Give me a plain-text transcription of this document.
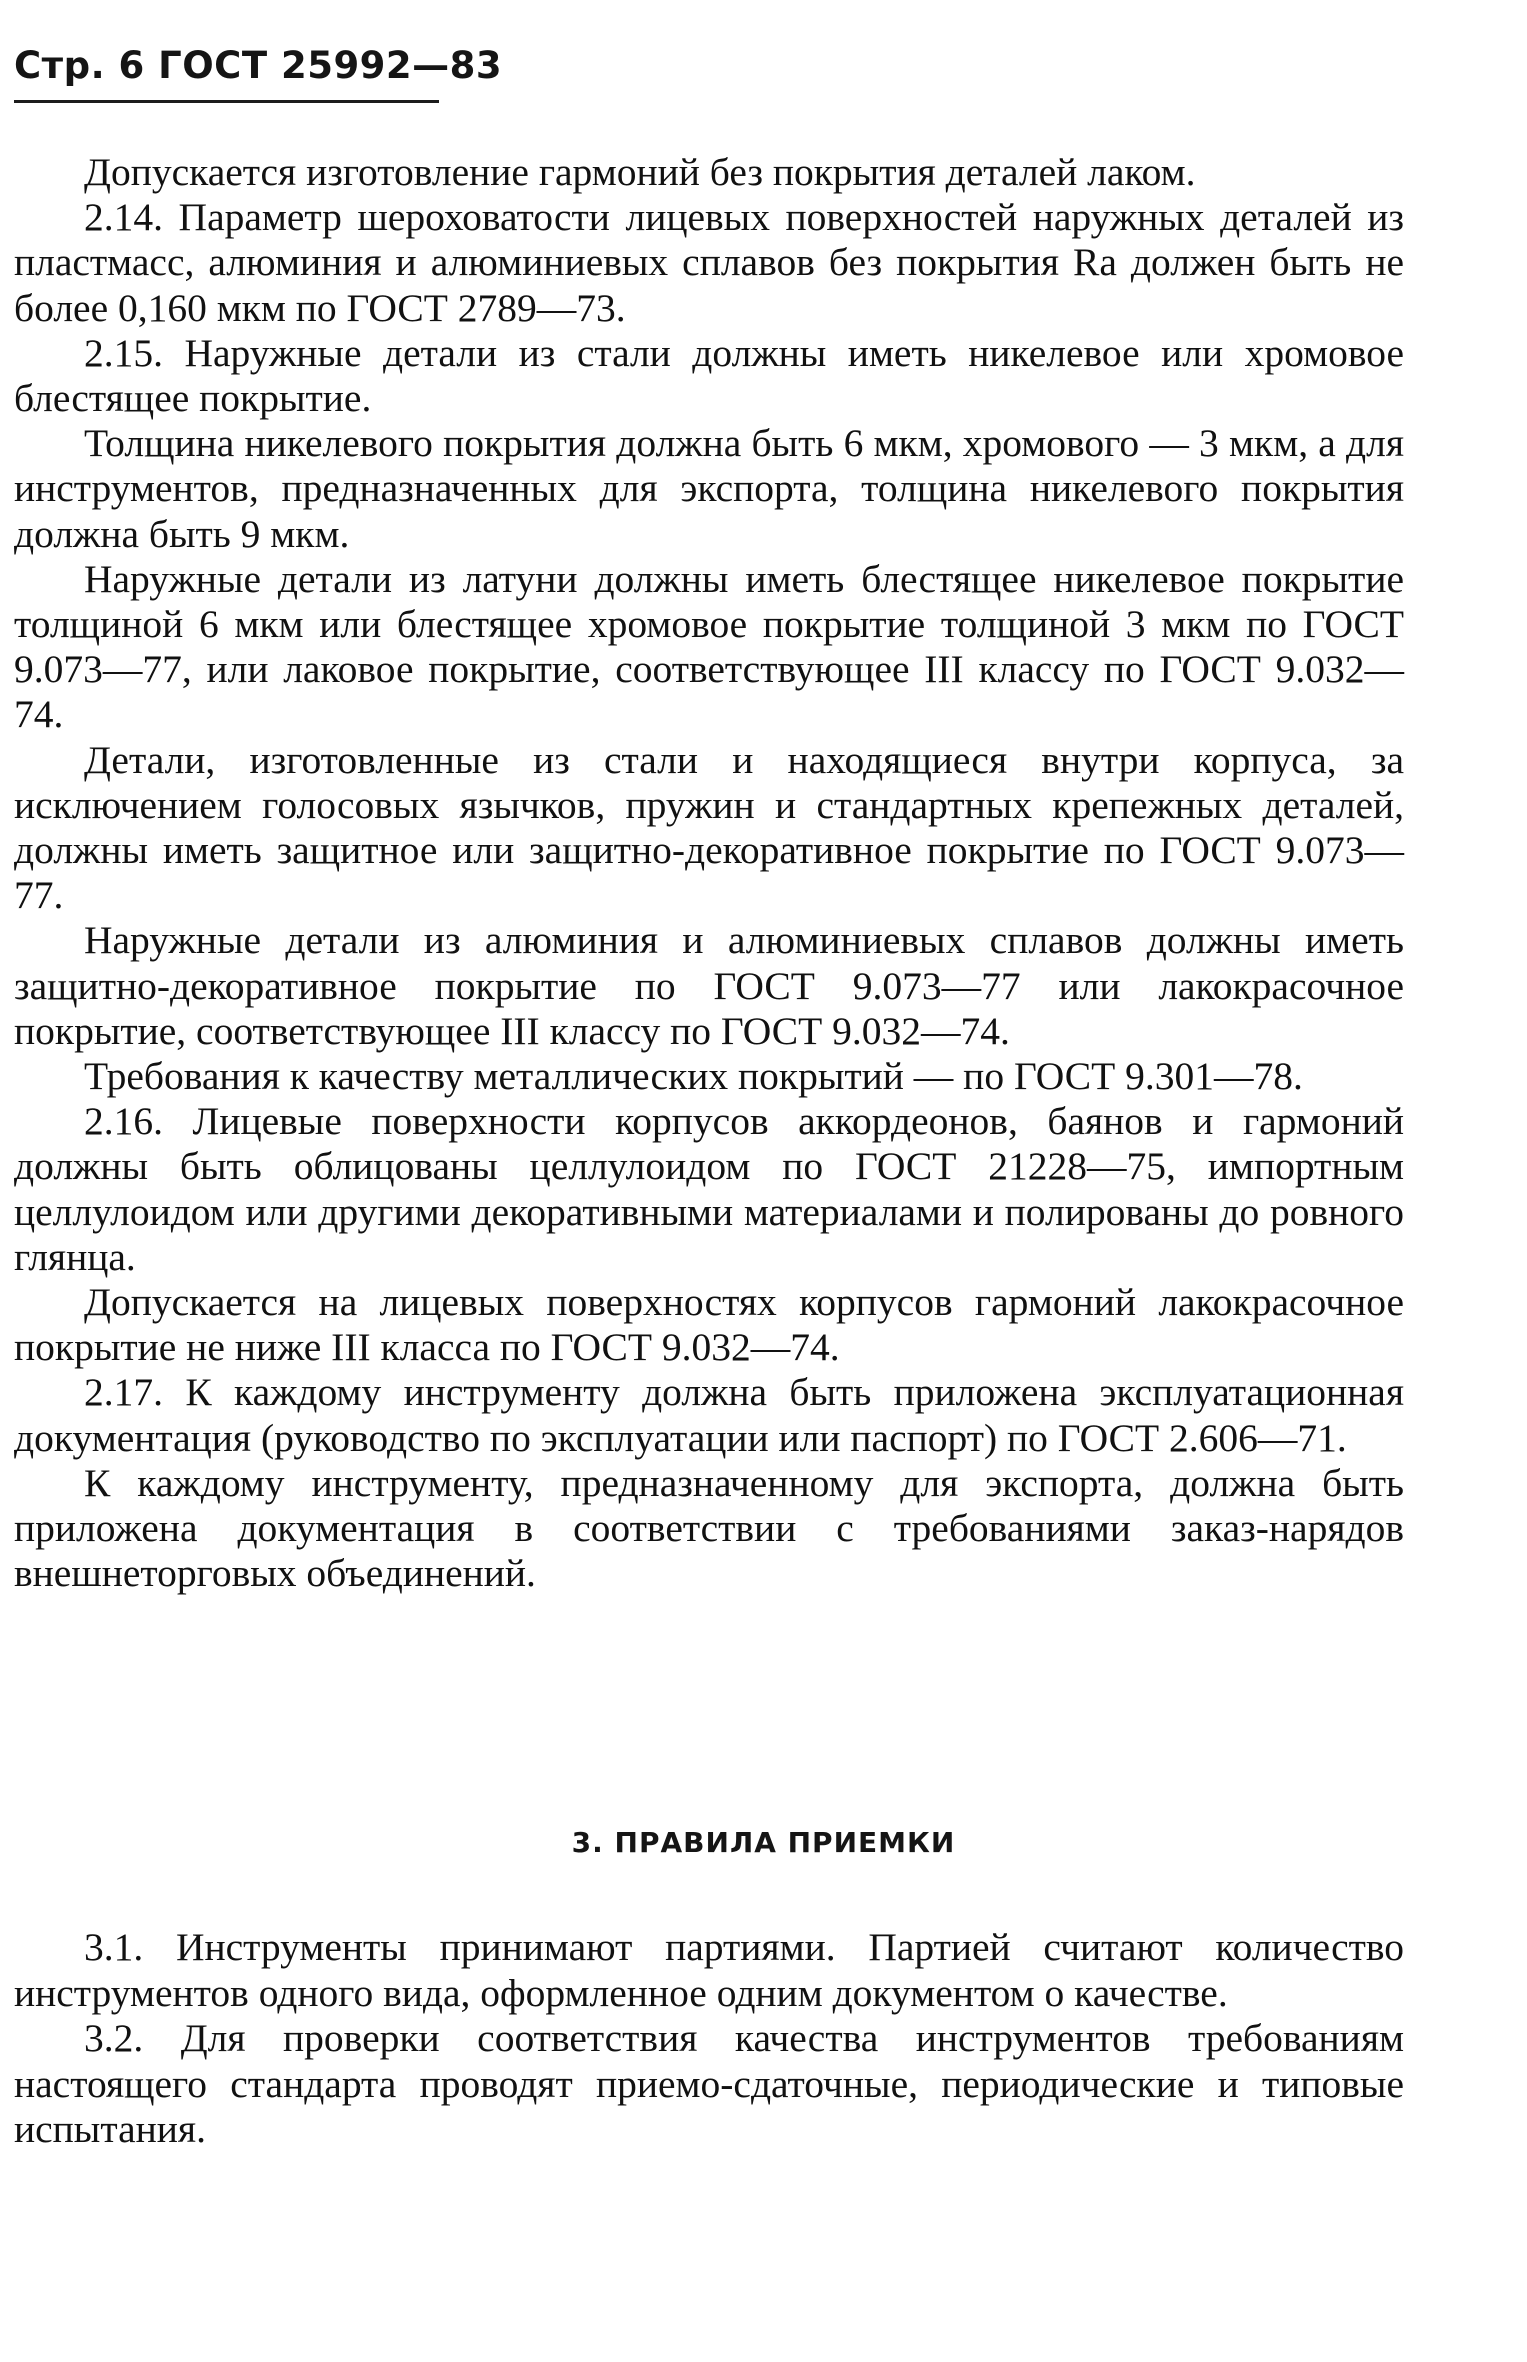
Стр. 6 ГОСТ 25992—83

Допускается изготовление гармоний без покрытия деталей лаком.

2.14. Параметр шероховатости лицевых поверхностей наружных деталей из пластмасс, алюминия и алюминиевых сплавов без покрытия Ra должен быть не более 0,160 мкм по ГОСТ 2789—73.

2.15. Наружные детали из стали должны иметь никелевое или хромовое блестящее покрытие.

Толщина никелевого покрытия должна быть 6 мкм, хромового — 3 мкм, а для инструментов, предназначенных для экспорта, толщина никелевого покрытия должна быть 9 мкм.

Наружные детали из латуни должны иметь блестящее никелевое покрытие толщиной 6 мкм или блестящее хромовое покрытие толщиной 3 мкм по ГОСТ 9.073—77, или лаковое покрытие, соответствующее III классу по ГОСТ 9.032—74.

Детали, изготовленные из стали и находящиеся внутри корпуса, за исключением голосовых язычков, пружин и стандартных крепежных деталей, должны иметь защитное или защитно-декоративное покрытие по ГОСТ 9.073—77.

Наружные детали из алюминия и алюминиевых сплавов должны иметь защитно-декоративное покрытие по ГОСТ 9.073—77 или лакокрасочное покрытие, соответствующее III классу по ГОСТ 9.032—74.

Требования к качеству металлических покрытий — по ГОСТ 9.301—78.

2.16. Лицевые поверхности корпусов аккордеонов, баянов и гармоний должны быть облицованы целлулоидом по ГОСТ 21228—75, импортным целлулоидом или другими декоративными материалами и полированы до ровного глянца.

Допускается на лицевых поверхностях корпусов гармоний лакокрасочное покрытие не ниже III класса по ГОСТ 9.032—74.

2.17. К каждому инструменту должна быть приложена эксплуатационная документация (руководство по эксплуатации или паспорт) по ГОСТ 2.606—71.

К каждому инструменту, предназначенному для экспорта, должна быть приложена документация в соответствии с требованиями заказ-нарядов внешнеторговых объединений.

3. ПРАВИЛА ПРИЕМКИ

3.1. Инструменты принимают партиями. Партией считают количество инструментов одного вида, оформленное одним документом о качестве.

3.2. Для проверки соответствия качества инструментов требованиям настоящего стандарта проводят приемо-сдаточные, периодические и типовые испытания.
